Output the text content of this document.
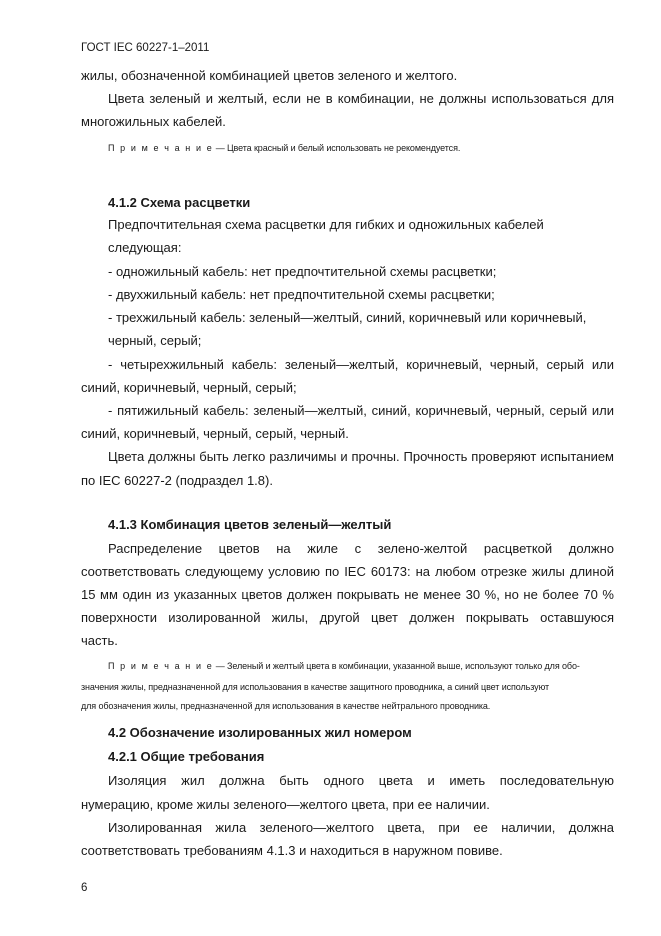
ГОСТ IEC 60227-1–2011
жилы, обозначенной комбинацией цветов зеленого и желтого.
Цвета зеленый и желтый, если не в комбинации, не должны использоваться для
многожильных кабелей.
П р и м е ч а н и е — Цвета красный и белый использовать не рекомендуется.
4.1.2 Схема расцветки
Предпочтительная схема расцветки для гибких и одножильных кабелей
следующая:
- одножильный кабель: нет предпочтительной схемы расцветки;
- двухжильный кабель: нет предпочтительной схемы расцветки;
- трехжильный кабель: зеленый—желтый, синий, коричневый или коричневый,
черный, серый;
- четырехжильный кабель: зеленый—желтый, коричневый, черный, серый или
синий, коричневый, черный, серый;
- пятижильный кабель: зеленый—желтый, синий, коричневый, черный, серый или
синий, коричневый, черный, серый, черный.
Цвета должны быть легко различимы и прочны. Прочность проверяют испытанием
по IEC 60227-2 (подраздел 1.8).
4.1.3 Комбинация цветов зеленый—желтый
Распределение цветов на жиле с зелено-желтой расцветкой должно
соответствовать следующему условию по IEC 60173: на любом отрезке жилы длиной
15 мм один из указанных цветов должен покрывать не менее 30 %, но не более 70 %
поверхности изолированной жилы, другой цвет должен покрывать оставшуюся
часть.
П р и м е ч а н и е — Зеленый и желтый цвета в комбинации, указанной выше, используют только для обо-
значения жилы, предназначенной для использования в качестве защитного проводника, а синий цвет используют
для обозначения жилы, предназначенной для использования в качестве нейтрального проводника.
4.2 Обозначение изолированных жил номером
4.2.1 Общие требования
Изоляция жил должна быть одного цвета и иметь последовательную
нумерацию, кроме жилы зеленого—желтого цвета, при ее наличии.
Изолированная жила зеленого—желтого цвета, при ее наличии, должна
соответствовать требованиям 4.1.3 и находиться в наружном повиве.
6
